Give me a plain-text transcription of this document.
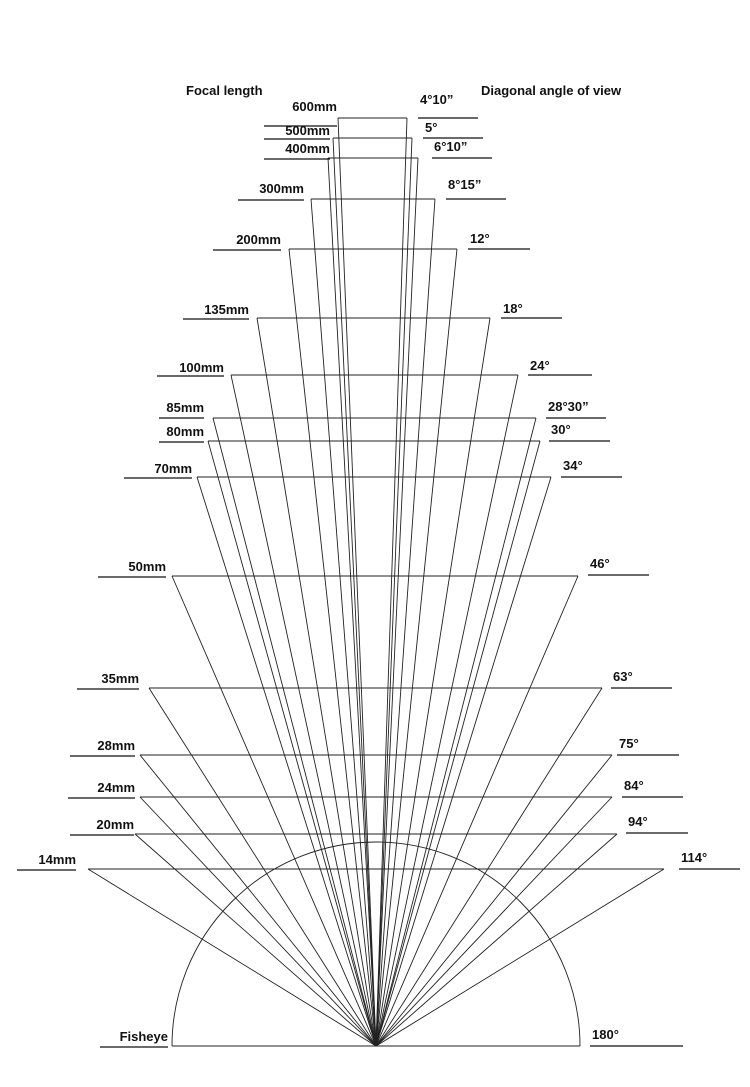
Focal length	Diagonal angle of view
600mm	4°10”
500mm	5°
400mm	6°10”
300mm	8°15”
200mm	12°
135mm	18°
100mm	24°
85mm	28°30”
80mm	30°
70mm	34°
50mm	46°
35mm	63°
28mm	75°
24mm	84°
20mm	94°
14mm	114°
Fisheye	180°
